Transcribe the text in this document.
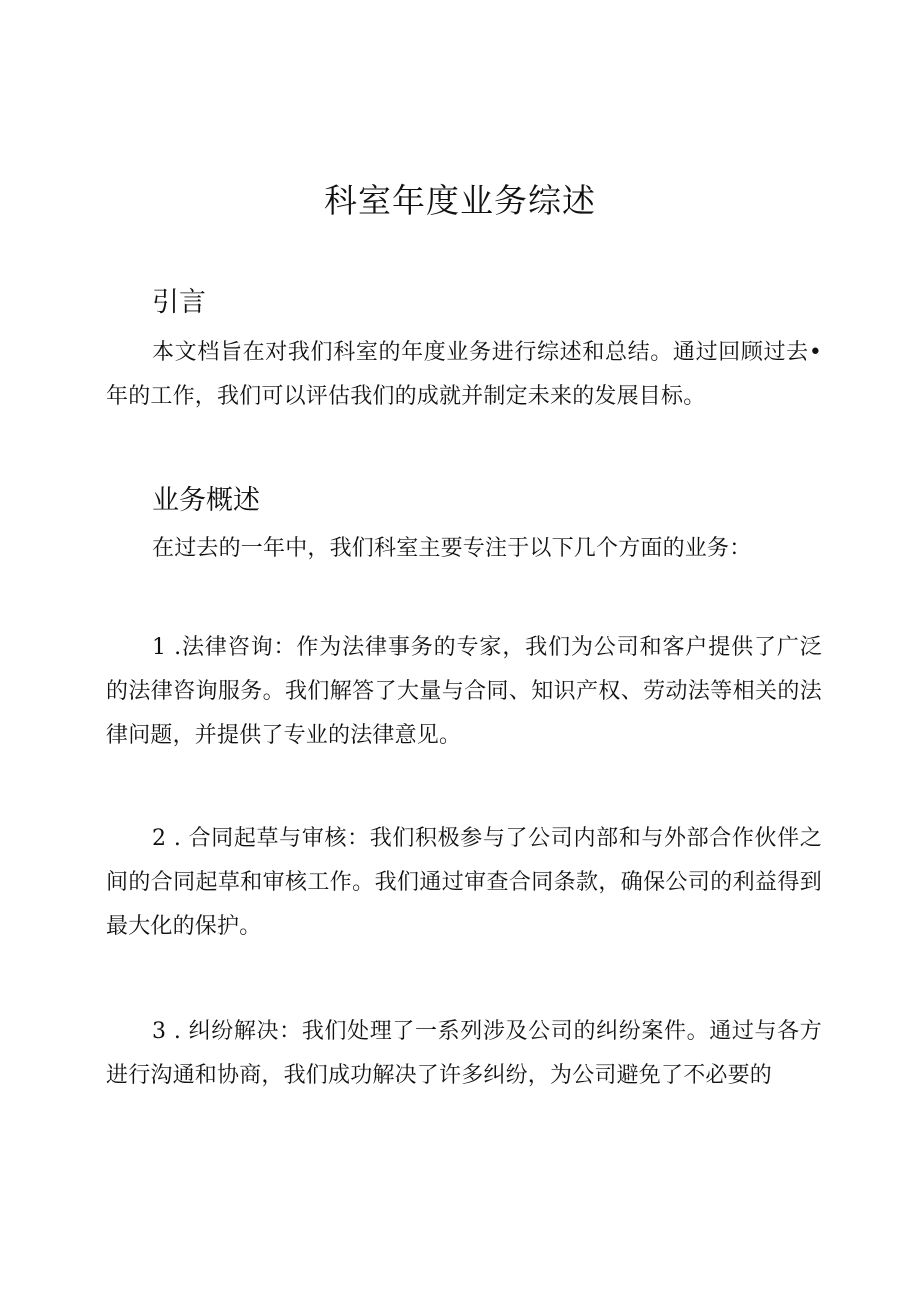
科室年度业务综述
引言

本文档旨在对我们科室的年度业务进行综述和总结。通过回顾过去•年的工作，我们可以评估我们的成就并制定未来的发展目标。

业务概述

在过去的一年中，我们科室主要专注于以下几个方面的业务：

1 .法律咨询：作为法律事务的专家，我们为公司和客户提供了广泛的法律咨询服务。我们解答了大量与合同、知识产权、劳动法等相关的法律问题，并提供了专业的法律意见。

2 . 合同起草与审核：我们积极参与了公司内部和与外部合作伙伴之间的合同起草和审核工作。我们通过审查合同条款，确保公司的利益得到最大化的保护。

3 . 纠纷解决：我们处理了一系列涉及公司的纠纷案件。通过与各方进行沟通和协商，我们成功解决了许多纠纷，为公司避免了不必要的
